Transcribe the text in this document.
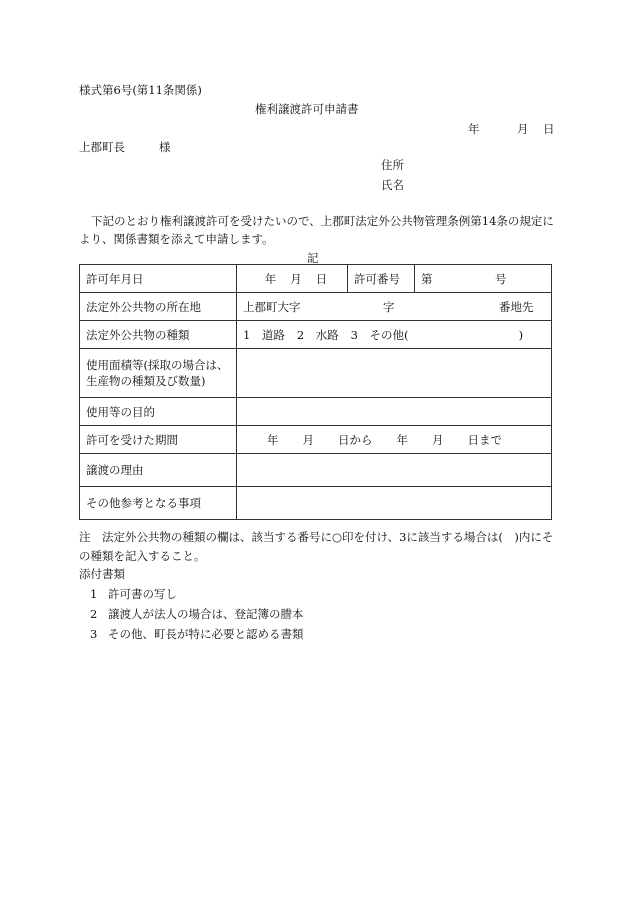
様式第6号(第11条関係)
権利譲渡許可申請書
年	月 日
上郡町長	様
住所
氏名
下記のとおり権利譲渡許可を受けたいので、上郡町法定外公共物管理条例第14条の規定により、関係書類を添えて申請します。
記
許可年月日	年 月 日	許可番号	第 号
法定外公共物の所在地	上郡町大字 字 番地先		
法定外公共物の種類	1　道路 2　水路 3　その他( )		

使用面積等(採取の場合は、
生産物の種類及び数量)			

使用等の目的			
許可を受けた期間	年 月 日から 年 月 日まで		
譲渡の理由			
その他参考となる事項			
注　法定外公共物の種類の欄は、該当する番号に○印を付け、3に該当する場合は(　)内にその種類を記入すること。
添付書類
1 許可書の写し
2 譲渡人が法人の場合は、登記簿の謄本
3 その他、町長が特に必要と認める書類
